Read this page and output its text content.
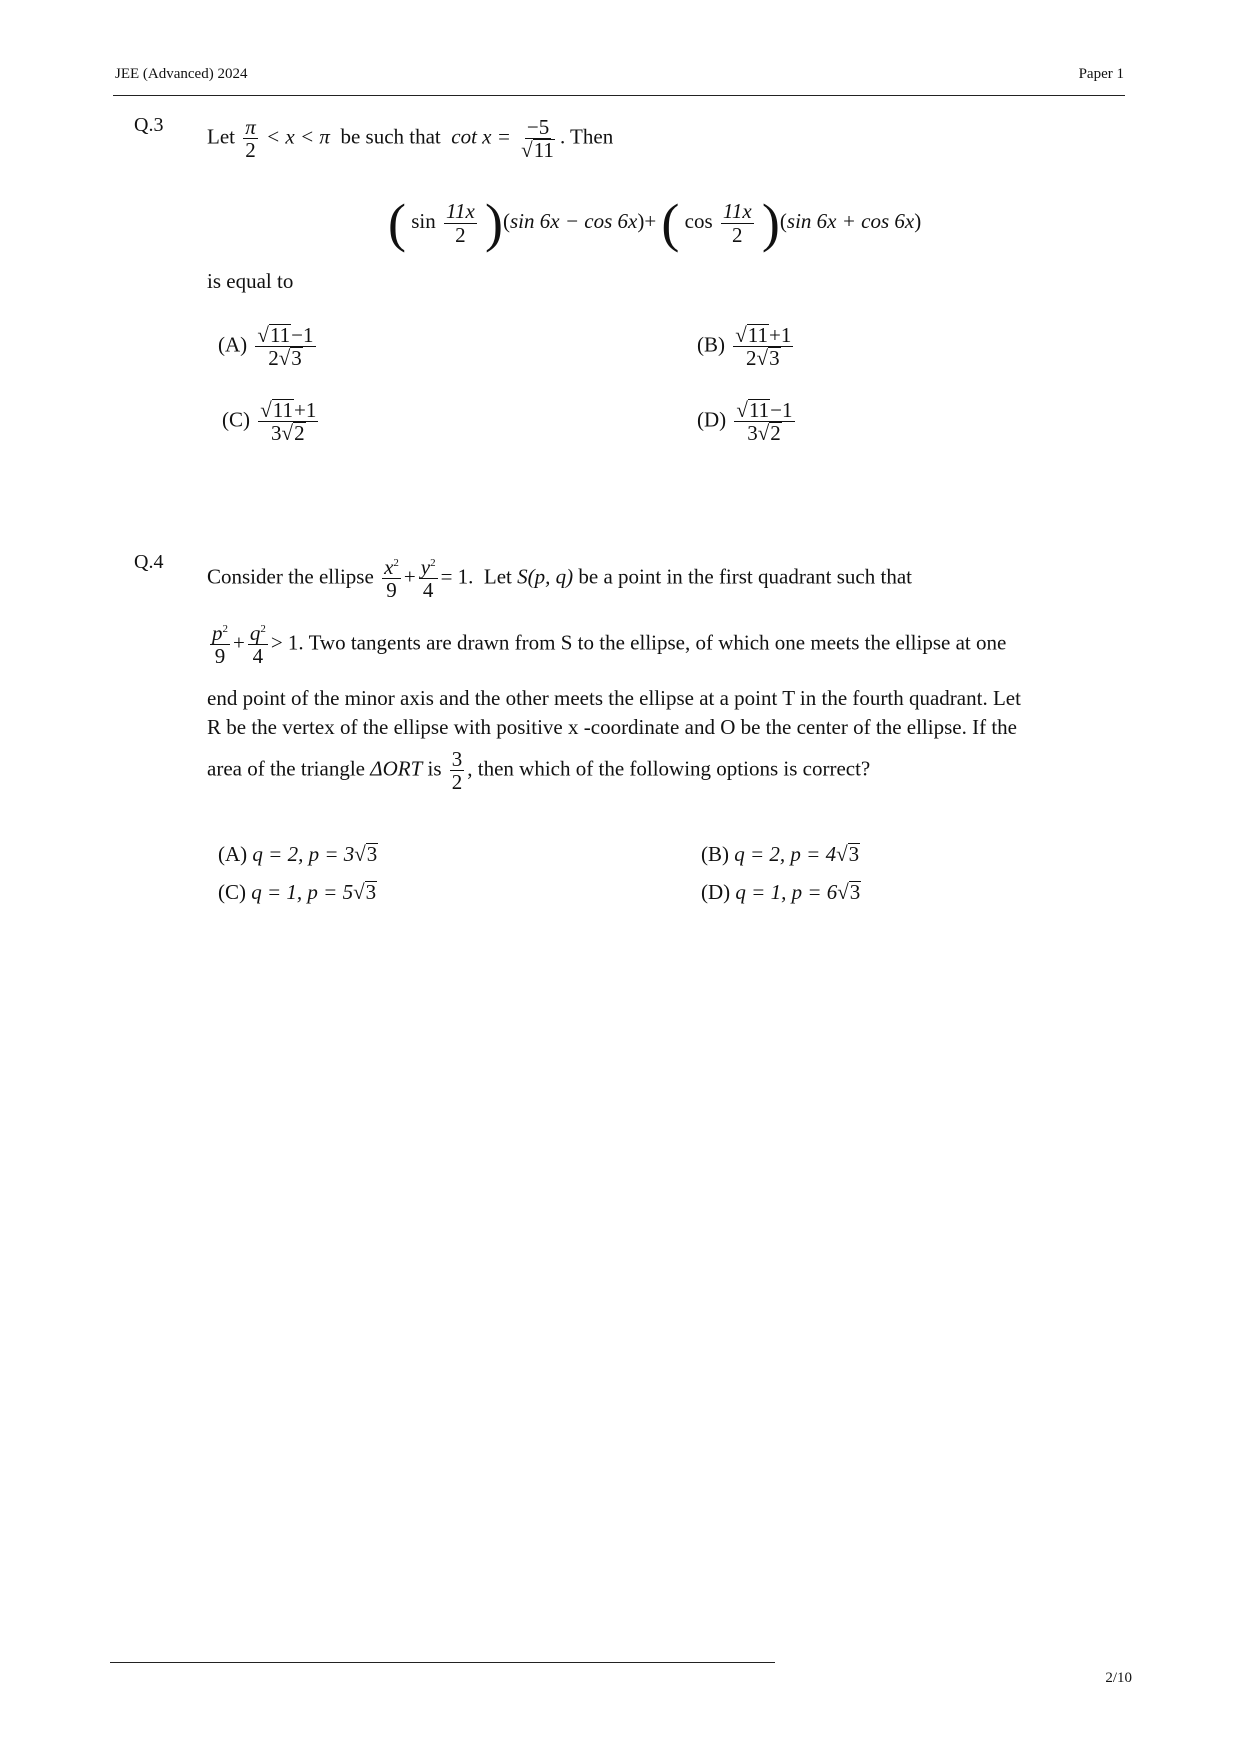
JEE (Advanced) 2024	Paper 1
Q.3 Let $\frac{\pi}{2} < x < \pi$ be such that $\cot x = \frac{-5}{√11}$ . Then
( $\sin \frac{11x}{2} )(\sin$ 6x − cos 6x)+ ( $\cos \frac{11x}{2} )(\sin$ 6x + cos 6x)
is equal to
$(A) \frac{√11-1}{2√3}$	$(B) \frac{√11+1}{2√3}$
$(C) \frac{√11+1}{3√2}$	$(D) \frac{√11-1}{3√2}$
Q.4
Consider the ellipse $\frac{x^2}{9} + \frac{y^2}{4} = 1$. Let S(p, q) be a point in the first quadrant such that
$\frac{p^2}{9} + \frac{q^2}{4} > 1$. Two tangents are drawn from S to the ellipse, of which one meets the ellipse at one
end point of the minor axis and the other meets the ellipse at a point T in the fourth quadrant. Let
R be the vertex of the ellipse with positive x -coordinate and O be the center of the ellipse. If the
area of the triangle ΔORT is $\frac{3}{2}$ , then which of the following options is correct?
(A) q = 2, p = 3√3	(B) q = 2, p = 4√3
(C) q = 1, p = 5√3	(D) q = 1, p = 6√3
2/10
